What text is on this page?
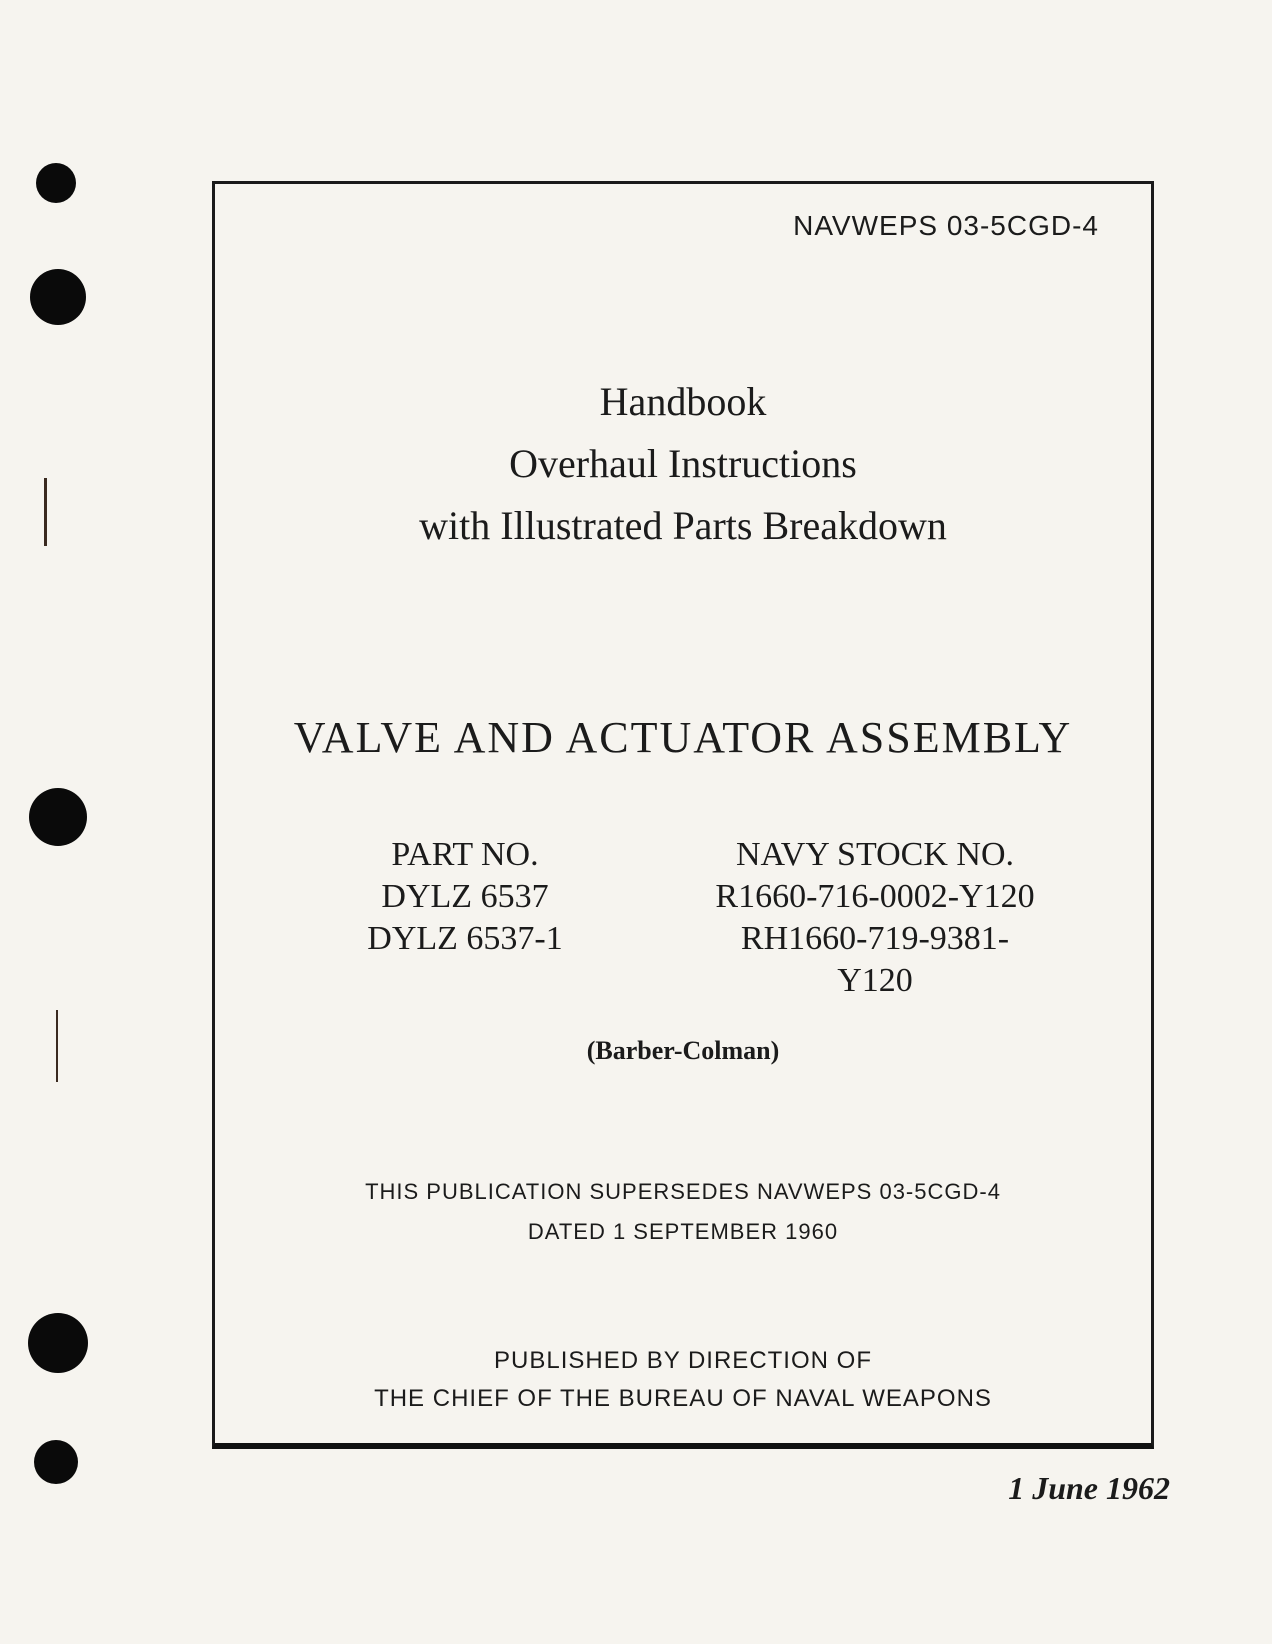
NAVWEPS 03-5CGD-4
Handbook
Overhaul Instructions
with Illustrated Parts Breakdown
VALVE AND ACTUATOR ASSEMBLY
PART NO.
DYLZ 6537
DYLZ 6537-1
NAVY STOCK NO.
R1660-716-0002-Y120
RH1660-719-9381-Y120
(Barber-Colman)
THIS PUBLICATION SUPERSEDES NAVWEPS 03-5CGD-4
DATED 1 SEPTEMBER 1960
PUBLISHED BY DIRECTION OF
THE CHIEF OF THE BUREAU OF NAVAL WEAPONS
1 June 1962
